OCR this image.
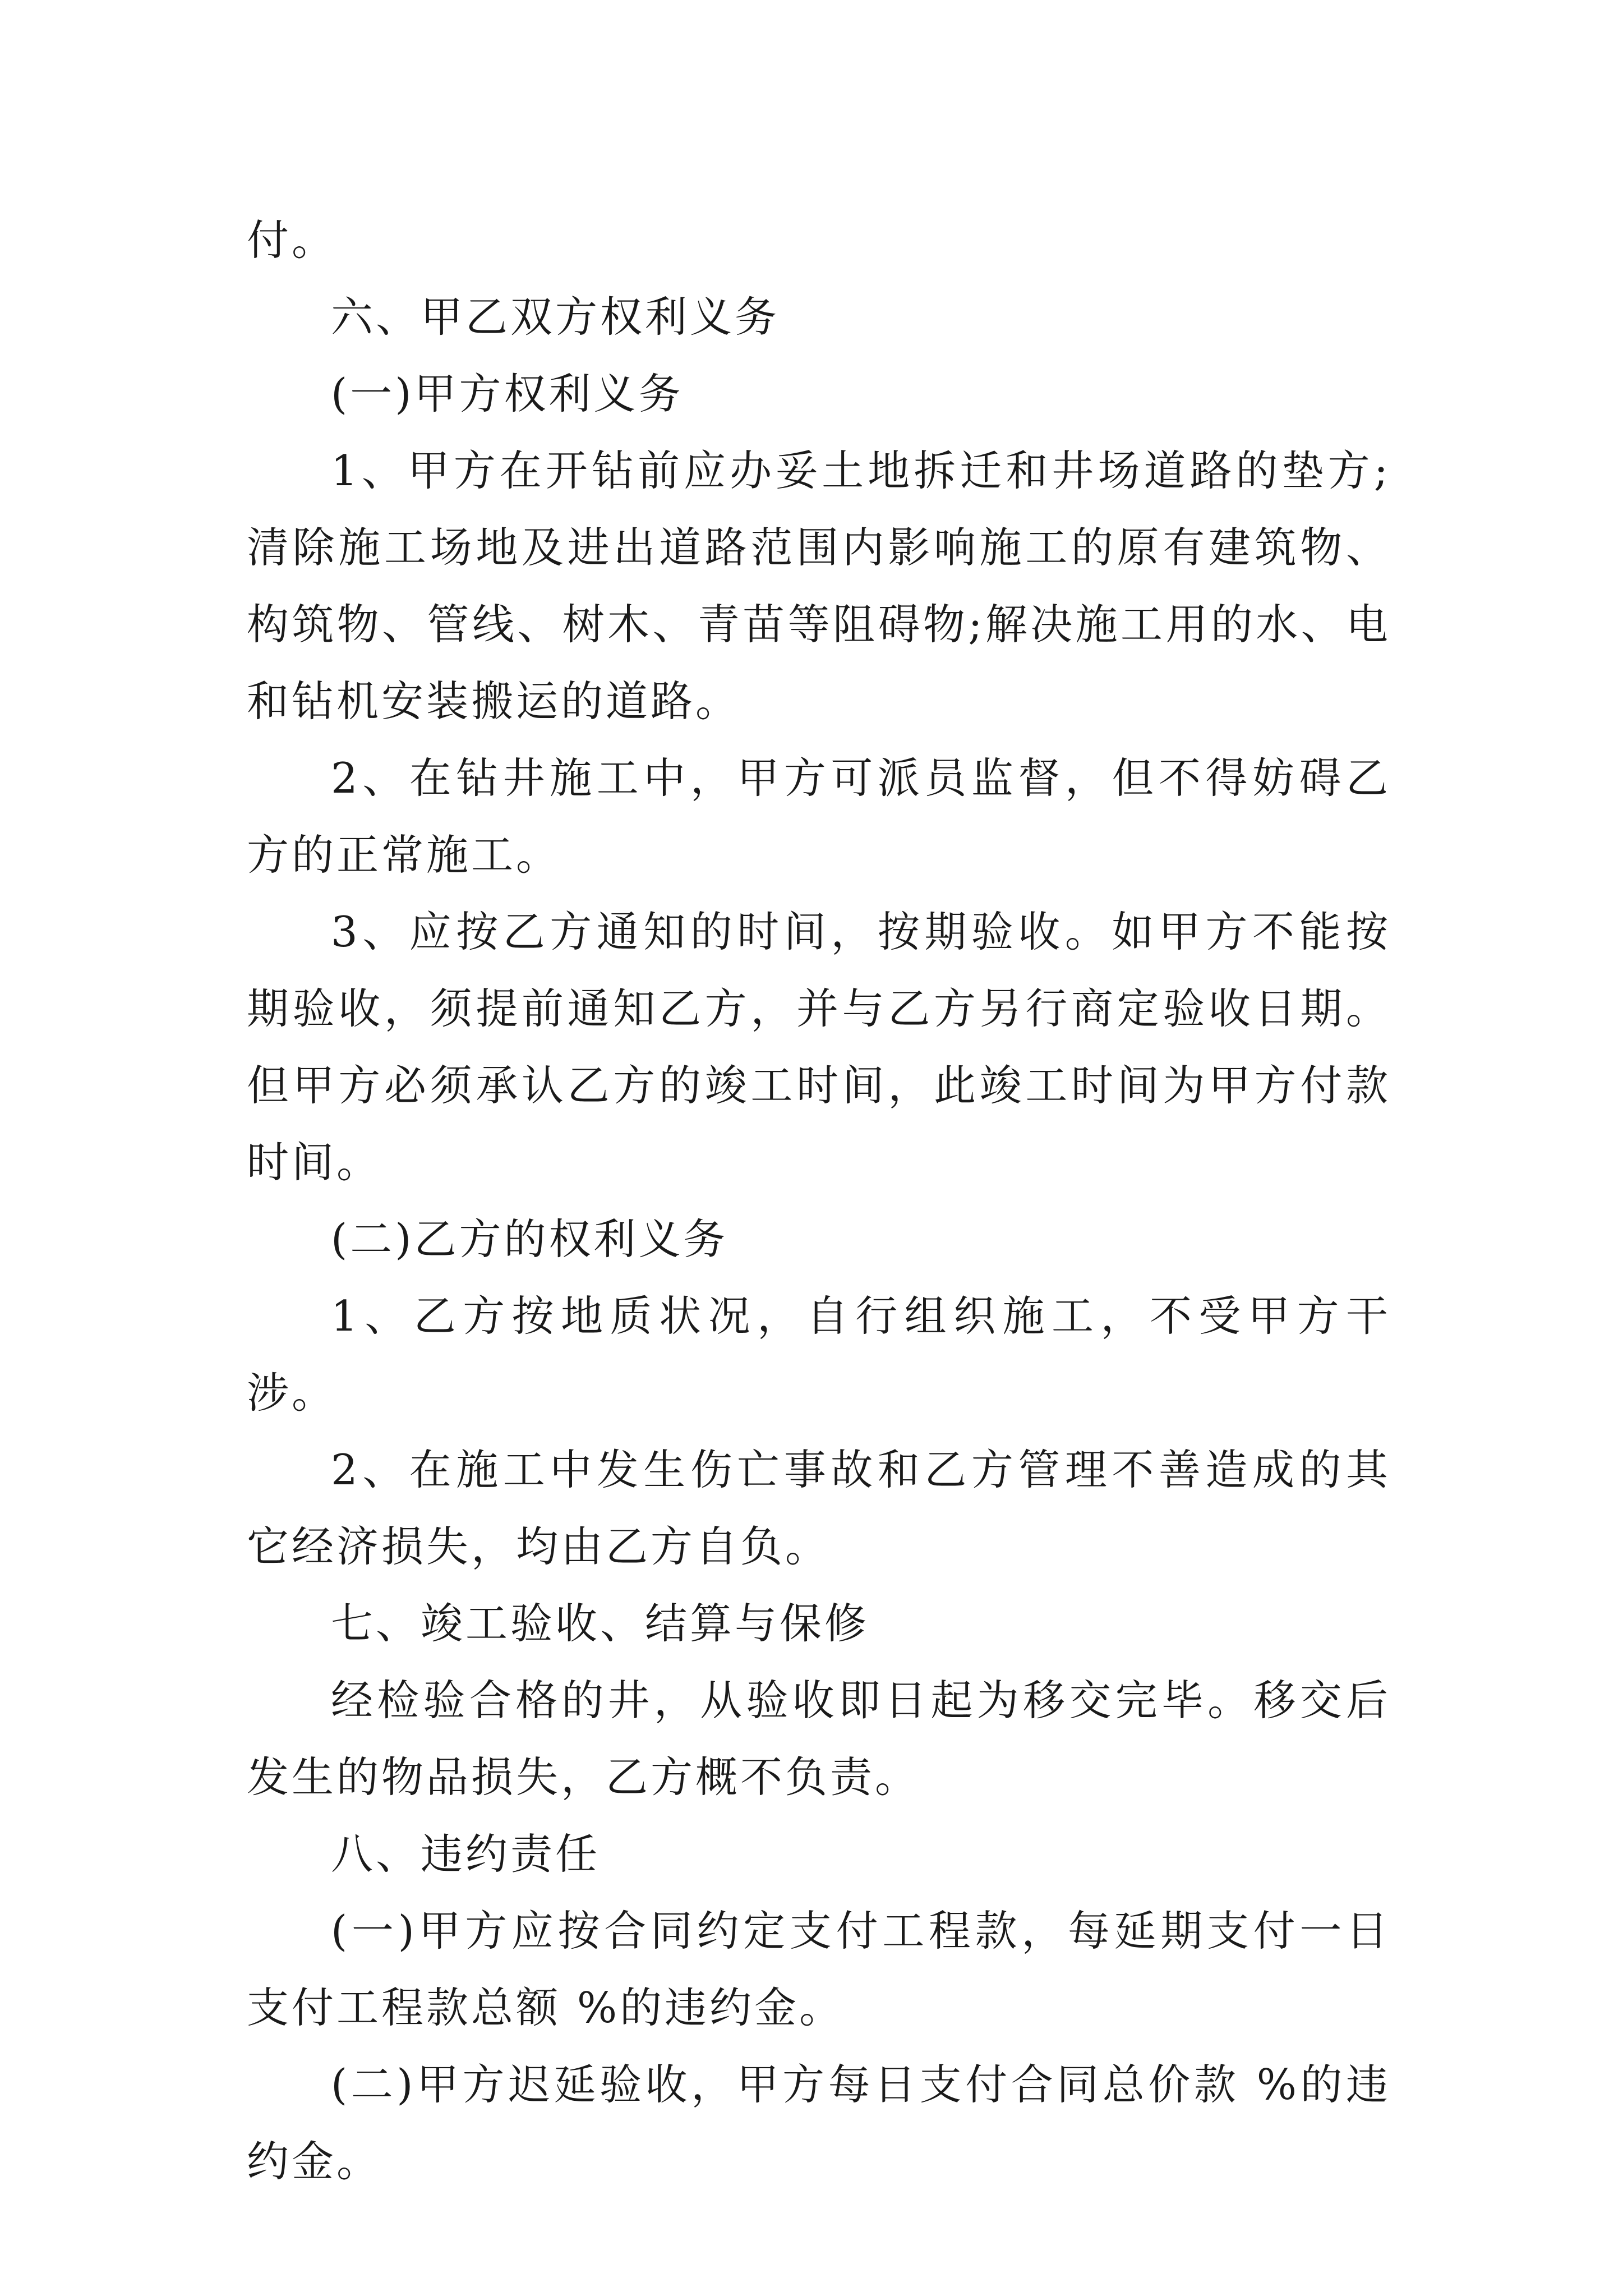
付。

六、甲乙双方权利义务

(一)甲方权利义务

1、甲方在开钻前应办妥土地拆迁和井场道路的垫方;清除施工场地及进出道路范围内影响施工的原有建筑物、构筑物、管线、树木、青苗等阻碍物;解决施工用的水、电和钻机安装搬运的道路。

2、在钻井施工中，甲方可派员监督，但不得妨碍乙方的正常施工。

3、应按乙方通知的时间，按期验收。如甲方不能按期验收，须提前通知乙方，并与乙方另行商定验收日期。但甲方必须承认乙方的竣工时间，此竣工时间为甲方付款时间。

(二)乙方的权利义务

1、乙方按地质状况，自行组织施工，不受甲方干涉。

2、在施工中发生伤亡事故和乙方管理不善造成的其它经济损失，均由乙方自负。

七、竣工验收、结算与保修

经检验合格的井，从验收即日起为移交完毕。移交后发生的物品损失，乙方概不负责。

八、违约责任

(一)甲方应按合同约定支付工程款，每延期支付一日支付工程款总额 %的违约金。

(二)甲方迟延验收，甲方每日支付合同总价款 %的违约金。
